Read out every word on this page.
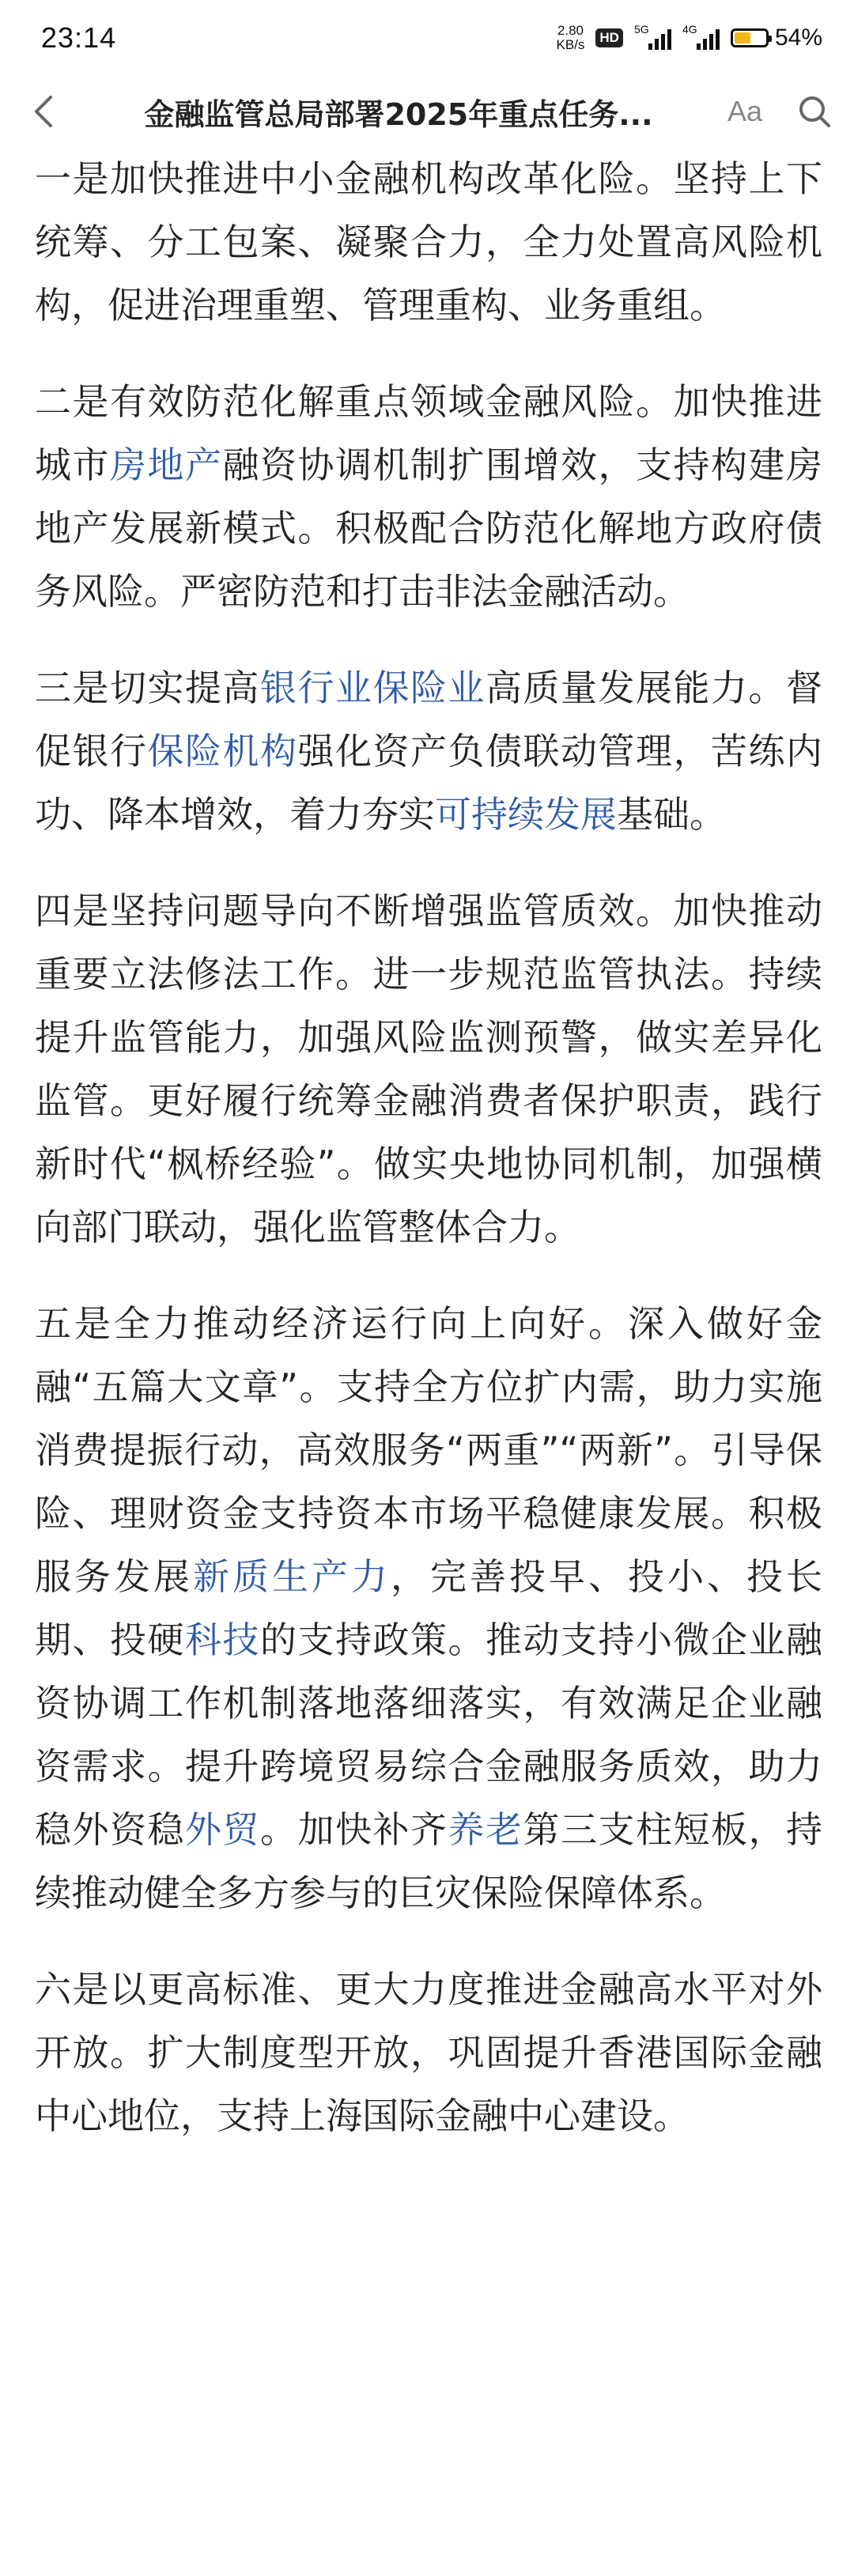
23:14	2.80
KB/s HD
5G	4G	54%
金融监管总局部署2025年重点任务...	Aa

一是加快推进中小金融机构改革化险。坚持上下统筹、分工包案、凝聚合力，全力处置高风险机构，促进治理重塑、管理重构、业务重组。

二是有效防范化解重点领域金融风险。加快推进城市房地产融资协调机制扩围增效，支持构建房地产发展新模式。积极配合防范化解地方政府债务风险。严密防范和打击非法金融活动。

三是切实提高银行业保险业高质量发展能力。督促银行保险机构强化资产负债联动管理，苦练内功、降本增效，着力夯实可持续发展基础。

四是坚持问题导向不断增强监管质效。加快推动重要立法修法工作。进一步规范监管执法。持续提升监管能力，加强风险监测预警，做实差异化监管。更好履行统筹金融消费者保护职责，践行新时代“枫桥经验”。做实央地协同机制，加强横向部门联动，强化监管整体合力。

五是全力推动经济运行向上向好。深入做好金融“五篇大文章”。支持全方位扩内需，助力实施消费提振行动，高效服务“两重”“两新”。引导保险、理财资金支持资本市场平稳健康发展。积极服务发展新质生产力，完善投早、投小、投长期、投硬科技的支持政策。推动支持小微企业融资协调工作机制落地落细落实，有效满足企业融资需求。提升跨境贸易综合金融服务质效，助力稳外资稳外贸。加快补齐养老第三支柱短板，持续推动健全多方参与的巨灾保险保障体系。

六是以更高标准、更大力度推进金融高水平对外开放。扩大制度型开放，巩固提升香港国际金融中心地位，支持上海国际金融中心建设。
